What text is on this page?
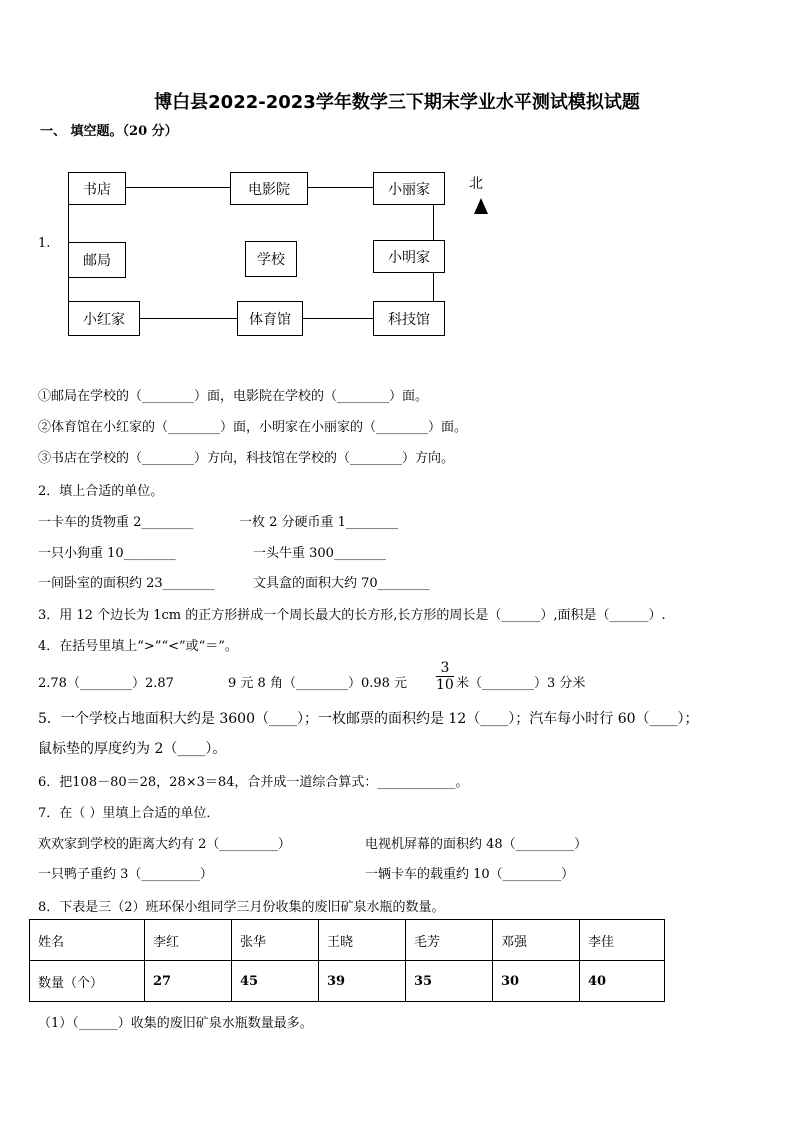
博白县2022-2023学年数学三下期末学业水平测试模拟试题
一、 填空题。（20 分）
1.
书店	电影院	小丽家
邮局	学校	小明家
小红家	体育馆	科技馆
北
①邮局在学校的（________）面，电影院在学校的（________）面。
②体育馆在小红家的（________）面，小明家在小丽家的（________）面。
③书店在学校的（________）方向，科技馆在学校的（________）方向。
2．填上合适的单位。
一卡车的货物重 2________	一枚 2 分硬币重 1________
一只小狗重 10________	一头牛重 300________
一间卧室的面积约 23________	文具盒的面积大约 70________
3．用 12 个边长为 1cm 的正方形拼成一个周长最大的长方形,长方形的周长是（______）,面积是（______）.
4．在括号里填上“>”“<”或“＝”。
2.78（________）2.87	9 元 8 角（________）0.98 元 $\frac{3}{10}$ 米（________）3 分米
5．一个学校占地面积大约是 3600（____）；一枚邮票的面积约是 12（____）；汽车每小时行 60（____）；
鼠标垫的厚度约为 2（____）。
6．把108－80＝28，28×3＝84，合并成一道综合算式：____________。
7．在（ ）里填上合适的单位．
欢欢家到学校的距离大约有 2（_________）	电视机屏幕的面积约 48（_________）
一只鸭子重约 3（_________）	一辆卡车的载重约 10（_________）
8．下表是三（2）班环保小组同学三月份收集的废旧矿泉水瓶的数量。
姓名	李红	张华	王晓	毛芳	邓强	李佳
数量（个）	27	45	39	35	30	40
（1）（______）收集的废旧矿泉水瓶数量最多。
